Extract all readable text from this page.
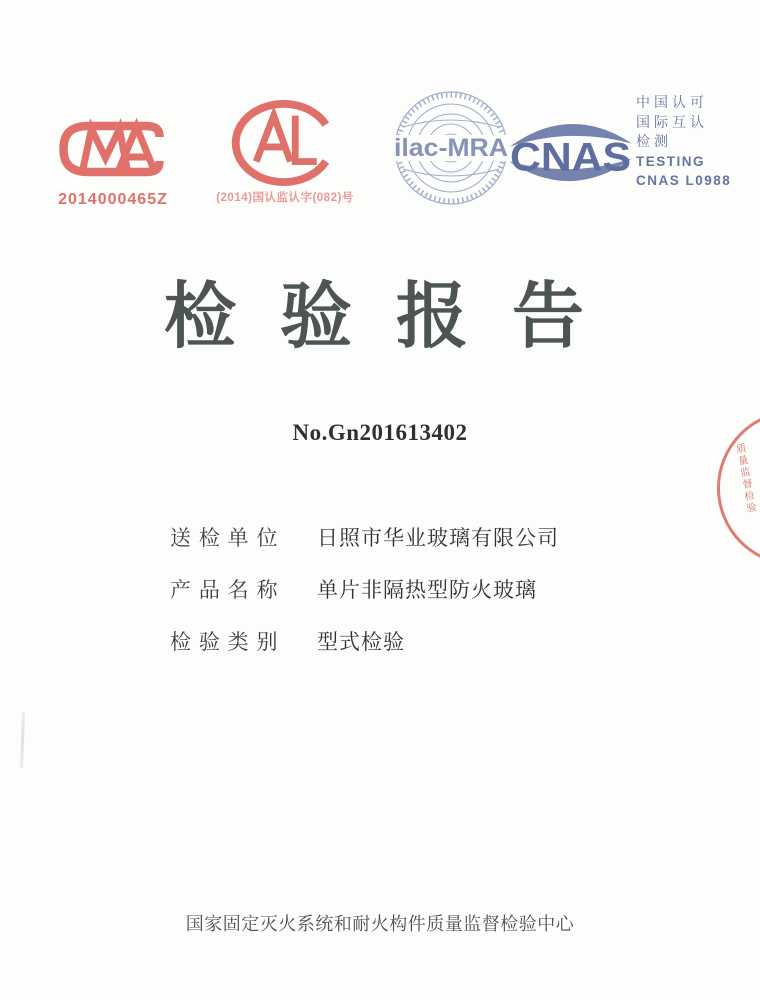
2014000465Z	(2014)国认监认字(082)号
ilac-MRA CNAS
中国认可
国际互认
检测
TESTING
CNAS L0988
检 验 报 告
No.Gn201613402
质量监督检验
送 检 单 位 日照市华业玻璃有限公司
产 品 名 称 单片非隔热型防火玻璃
检 验 类 别 型式检验
国家固定灭火系统和耐火构件质量监督检验中心
